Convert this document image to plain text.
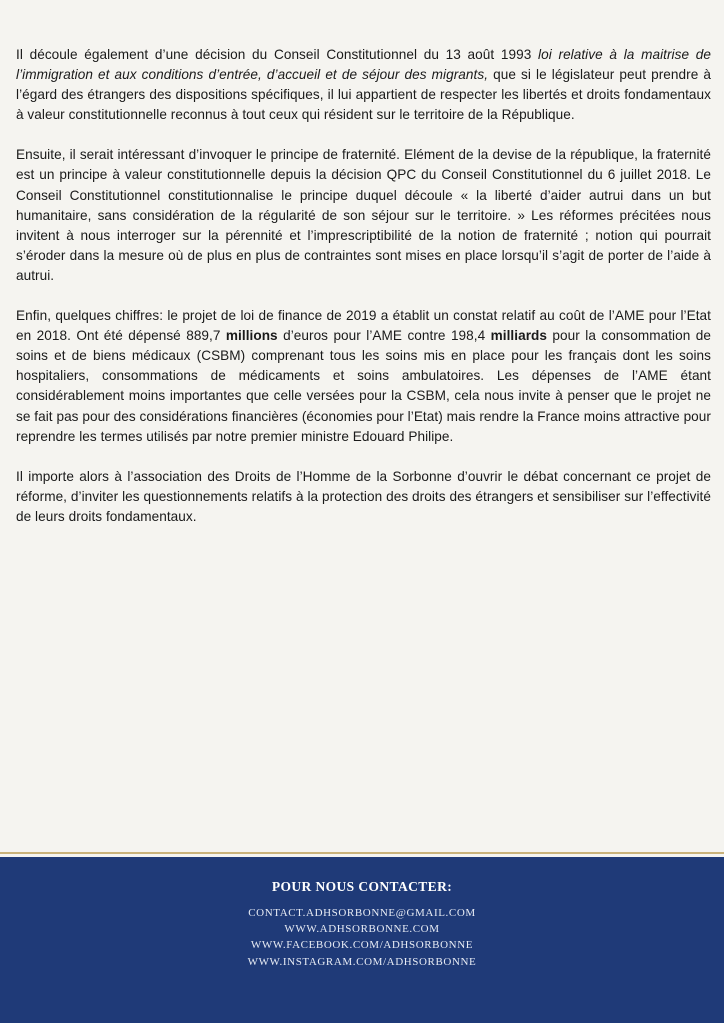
Il découle également d’une décision du Conseil Constitutionnel du 13 août 1993 loi relative à la maitrise de l’immigration et aux conditions d’entrée, d’accueil et de séjour des migrants, que si le législateur peut prendre à l’égard des étrangers des dispositions spécifiques, il lui appartient de respecter les libertés et droits fondamentaux à valeur constitutionnelle reconnus à tout ceux qui résident sur le territoire de la République.

Ensuite, il serait intéressant d’invoquer le principe de fraternité. Elément de la devise de la république, la fraternité est un principe à valeur constitutionnelle depuis la décision QPC du Conseil Constitutionnel du 6 juillet 2018. Le Conseil Constitutionnel constitutionnalise le principe duquel découle « la liberté d’aider autrui dans un but humanitaire, sans considération de la régularité de son séjour sur le territoire. » Les réformes précitées nous invitent à nous interroger sur la pérennité et l’imprescriptibilité de la notion de fraternité ; notion qui pourrait s’éroder dans la mesure où de plus en plus de contraintes sont mises en place lorsqu’il s’agit de porter de l’aide à autrui.

Enfin, quelques chiffres: le projet de loi de finance de 2019 a établit un constat relatif au coût de l’AME pour l’Etat en 2018. Ont été dépensé 889,7 millions d’euros pour l’AME contre 198,4 milliards pour la consommation de soins et de biens médicaux (CSBM) comprenant tous les soins mis en place pour les français dont les soins hospitaliers, consommations de médicaments et soins ambulatoires. Les dépenses de l’AME étant considérablement moins importantes que celle versées pour la CSBM, cela nous invite à penser que le projet ne se fait pas pour des considérations financières (économies pour l’Etat) mais rendre la France moins attractive pour reprendre les termes utilisés par notre premier ministre Edouard Philipe.

Il importe alors à l’association des Droits de l’Homme de la Sorbonne d’ouvrir le débat concernant ce projet de réforme, d’inviter les questionnements relatifs à la protection des droits des étrangers et sensibiliser sur l’effectivité de leurs droits fondamentaux.

POUR NOUS CONTACTER:
CONTACT.ADHSORBONNE@GMAIL.COM
WWW.ADHSORBONNE.COM
WWW.FACEBOOK.COM/ADHSORBONNE
WWW.INSTAGRAM.COM/ADHSORBONNE
